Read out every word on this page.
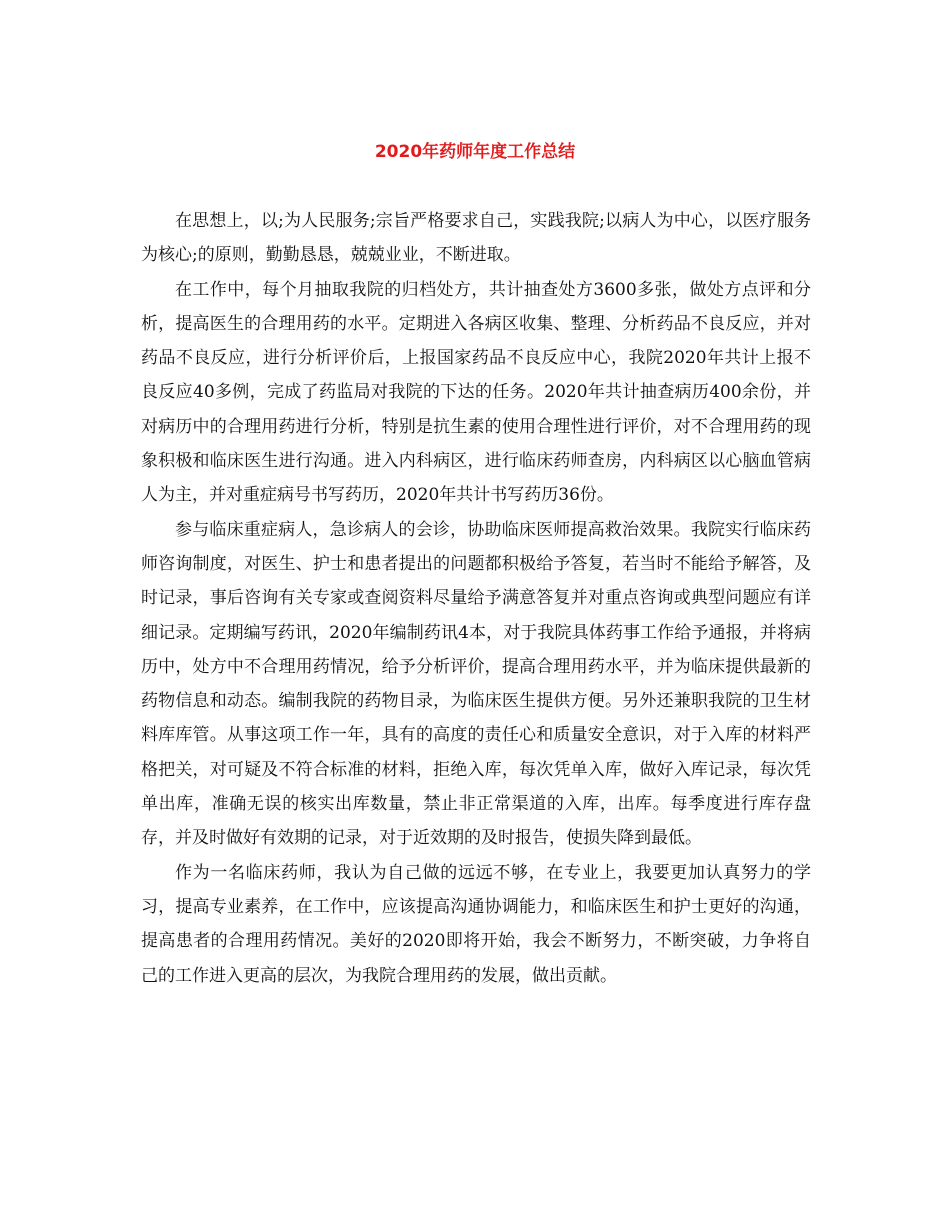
2020年药师年度工作总结

在思想上，以;为人民服务;宗旨严格要求自己，实践我院;以病人为中心，以医疗服务为核心;的原则，勤勤恳恳，兢兢业业，不断进取。

在工作中，每个月抽取我院的归档处方，共计抽查处方3600多张，做处方点评和分析，提高医生的合理用药的水平。定期进入各病区收集、整理、分析药品不良反应，并对药品不良反应，进行分析评价后，上报国家药品不良反应中心，我院2020年共计上报不良反应40多例，完成了药监局对我院的下达的任务。2020年共计抽查病历400余份，并对病历中的合理用药进行分析，特别是抗生素的使用合理性进行评价，对不合理用药的现象积极和临床医生进行沟通。进入内科病区，进行临床药师查房，内科病区以心脑血管病人为主，并对重症病号书写药历，2020年共计书写药历36份。

参与临床重症病人，急诊病人的会诊，协助临床医师提高救治效果。我院实行临床药师咨询制度，对医生、护士和患者提出的问题都积极给予答复，若当时不能给予解答，及时记录，事后咨询有关专家或查阅资料尽量给予满意答复并对重点咨询或典型问题应有详细记录。定期编写药讯，2020年编制药讯4本，对于我院具体药事工作给予通报，并将病历中，处方中不合理用药情况，给予分析评价，提高合理用药水平，并为临床提供最新的药物信息和动态。编制我院的药物目录，为临床医生提供方便。另外还兼职我院的卫生材料库库管。从事这项工作一年，具有的高度的责任心和质量安全意识，对于入库的材料严格把关，对可疑及不符合标准的材料，拒绝入库，每次凭单入库，做好入库记录，每次凭单出库，准确无误的核实出库数量，禁止非正常渠道的入库，出库。每季度进行库存盘存，并及时做好有效期的记录，对于近效期的及时报告，使损失降到最低。

作为一名临床药师，我认为自己做的远远不够，在专业上，我要更加认真努力的学习，提高专业素养，在工作中，应该提高沟通协调能力，和临床医生和护士更好的沟通，提高患者的合理用药情况。美好的2020即将开始，我会不断努力，不断突破，力争将自己的工作进入更高的层次，为我院合理用药的发展，做出贡献。
